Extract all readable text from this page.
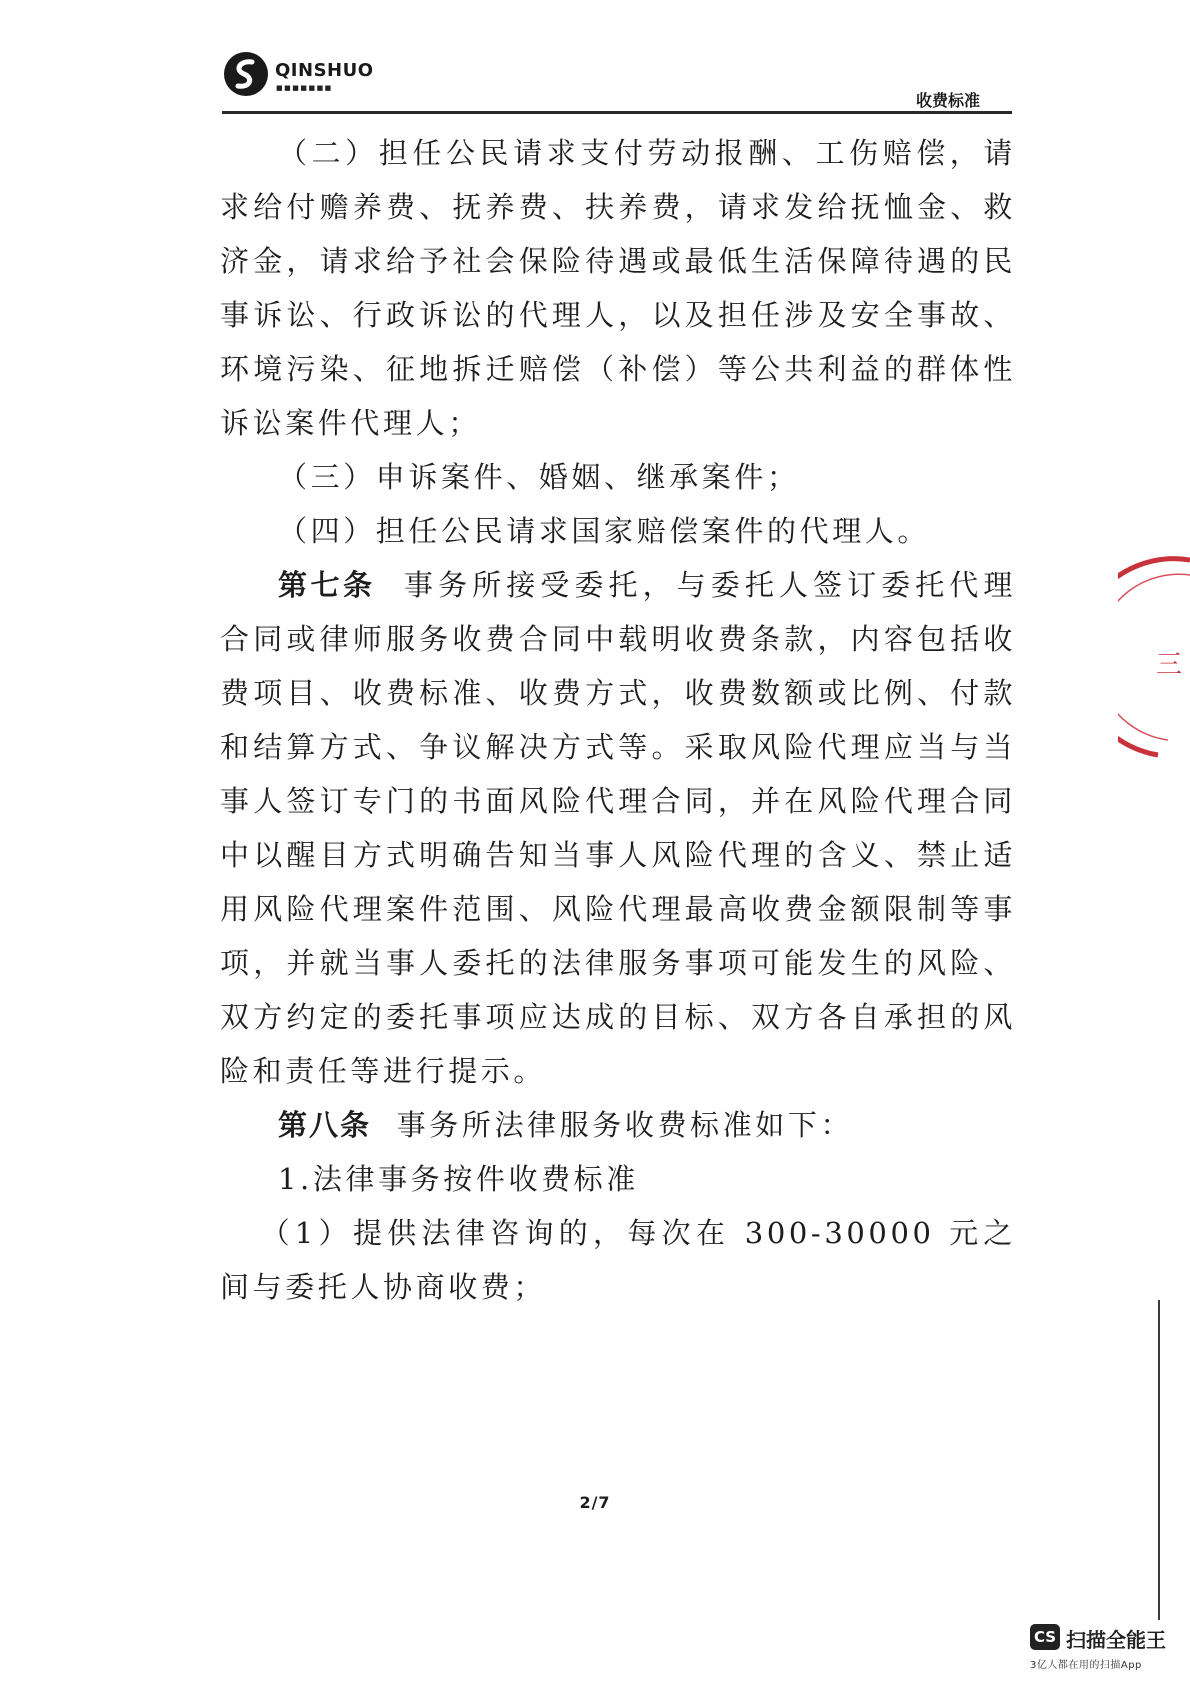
QINSHUO
■■■■■■■
收费标准

（二）担任公民请求支付劳动报酬、工伤赔偿，请求给付赡养费、抚养费、扶养费，请求发给抚恤金、救济金，请求给予社会保险待遇或最低生活保障待遇的民事诉讼、行政诉讼的代理人，以及担任涉及安全事故、环境污染、征地拆迁赔偿（补偿）等公共利益的群体性诉讼案件代理人；

（三）申诉案件、婚姻、继承案件；

（四）担任公民请求国家赔偿案件的代理人。

第七条 事务所接受委托，与委托人签订委托代理合同或律师服务收费合同中载明收费条款，内容包括收费项目、收费标准、收费方式，收费数额或比例、付款和结算方式、争议解决方式等。采取风险代理应当与当事人签订专门的书面风险代理合同，并在风险代理合同中以醒目方式明确告知当事人风险代理的含义、禁止适用风险代理案件范围、风险代理最高收费金额限制等事项，并就当事人委托的法律服务事项可能发生的风险、双方约定的委托事项应达成的目标、双方各自承担的风险和责任等进行提示。

第八条 事务所法律服务收费标准如下：

1.法律事务按件收费标准

（1）提供法律咨询的，每次在 300-30000 元之间与委托人协商收费；

2/7
三
CS 扫描全能王
3亿人都在用的扫描App
